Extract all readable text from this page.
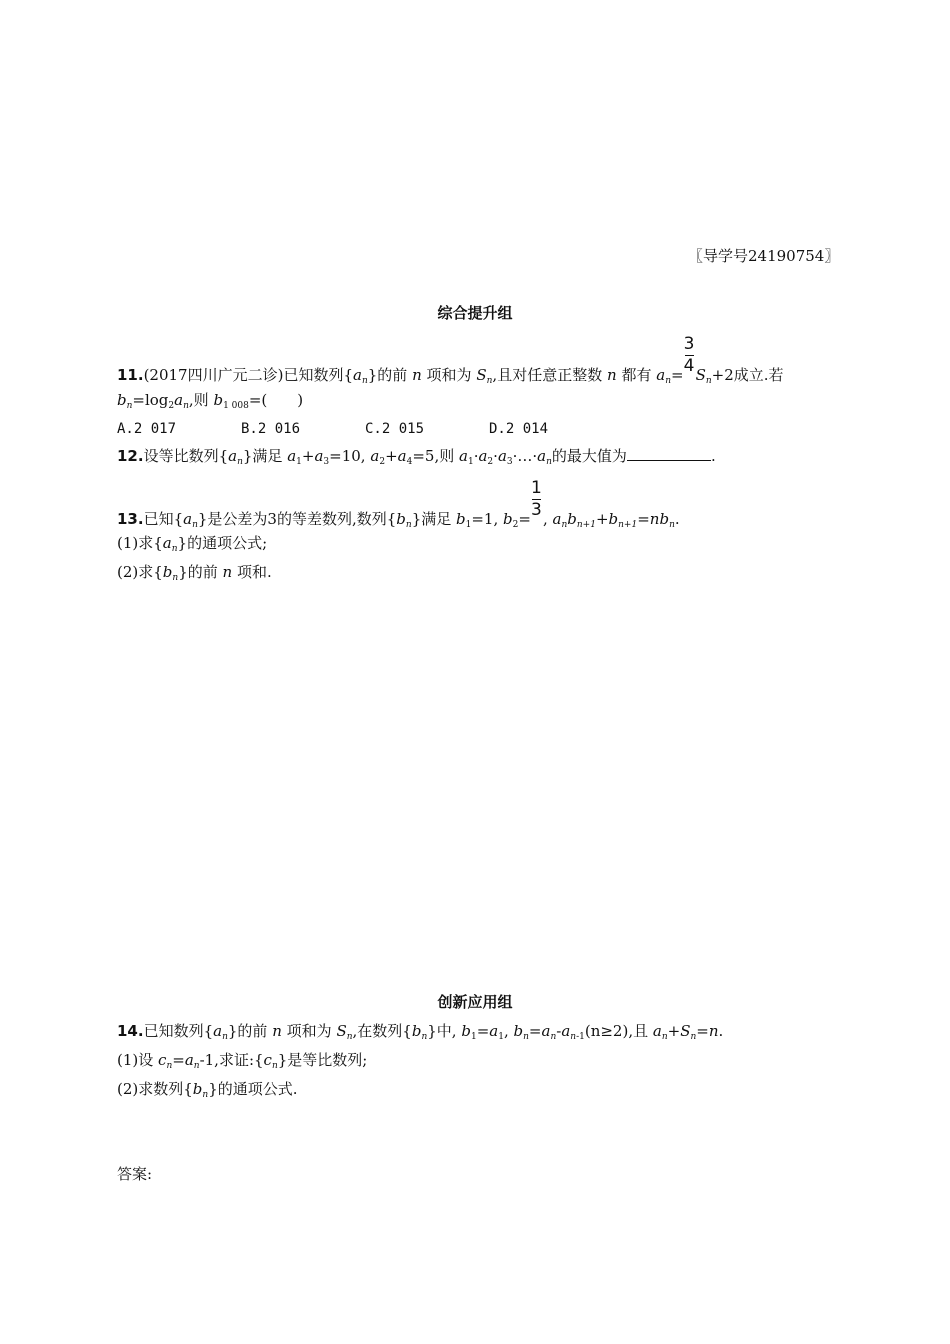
〖导学号24190754〗
综合提升组
11.(2017四川广元二诊)已知数列$\{a_n\}$的前 n 项和为 $S_n$,且对任意正整数 n 都有 $a_n= \frac{3}{4} S_n+2$成立.若
$b_n=\log_2a_n$,则 $b_{1 008}=$(　　)
A.2 017	B.2 016	C.2 015	D.2 014
12.设等比数列$\{a_n\}$满足 $a_1+a_3=10$, $a_2+a_4=5$,则 $a_1\cdot a_2\cdot a_3\cdot\dots\cdot a_n$的最大值为	.
13.已知$\{a_n\}$是公差为3的等差数列,数列$\{b_n\}$满足 $b_1=1$, $b_2= \frac{1}{3}$ , $a_nb_{n+1}+b_{n+1}=nb_n$.
(1)求$\{a_n\}$的通项公式;
(2)求$\{b_n\}$的前 n 项和.
创新应用组
14.已知数列$\{a_n\}$的前 n 项和为 $S_n$,在数列$\{b_n\}$中, $b_1=a_1$, $b_n=a_n-a_{n-1}(n\ge 2)$,且 $a_n+S_n=n$.
(1)设 $c_n=a_n-1$,求证$:\{c_n\}$是等比数列;
(2)求数列$\{b_n\}$的通项公式.
答案:
